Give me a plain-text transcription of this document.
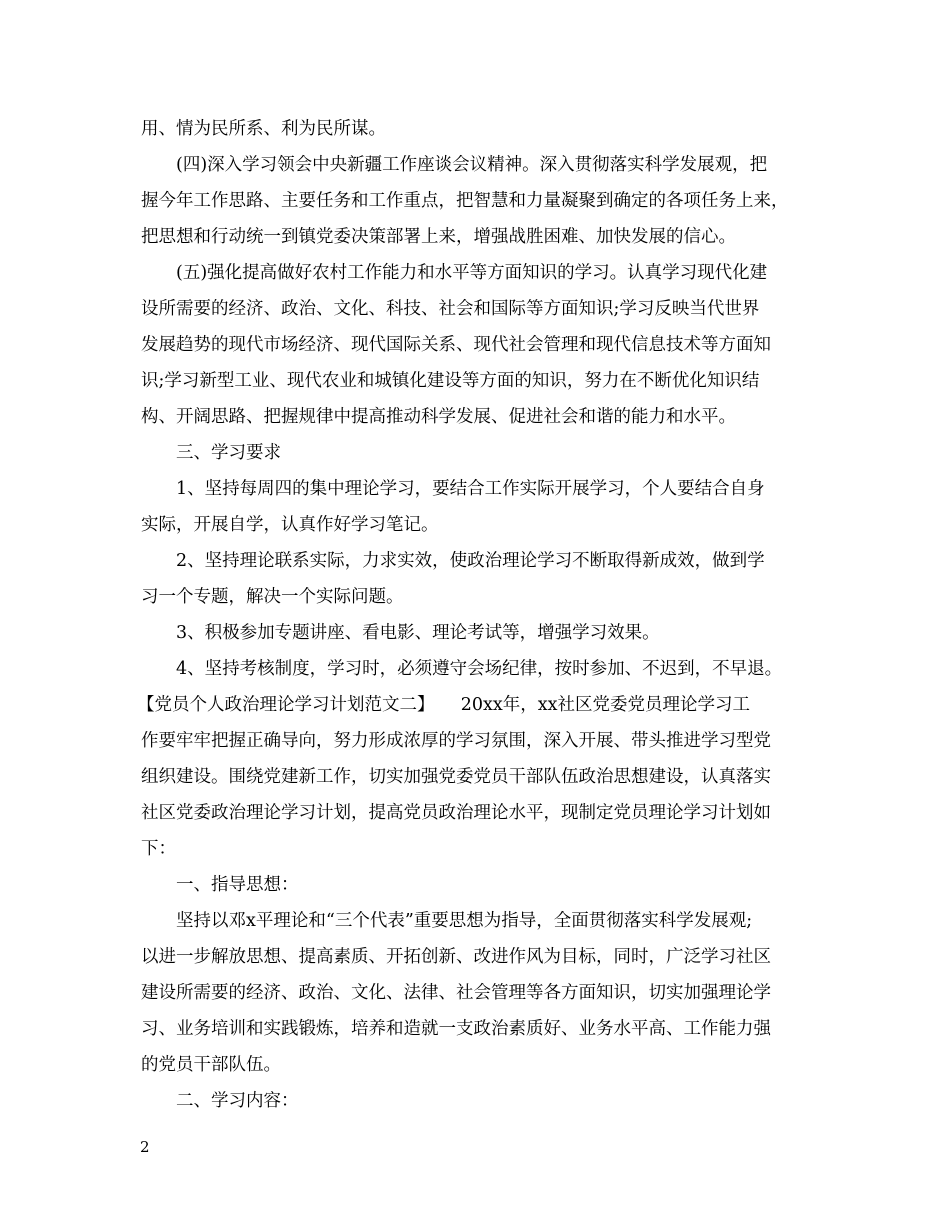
用、情为民所系、利为民所谋。
(四)深入学习领会中央新疆工作座谈会议精神。深入贯彻落实科学发展观，把
握今年工作思路、主要任务和工作重点，把智慧和力量凝聚到确定的各项任务上来，
把思想和行动统一到镇党委决策部署上来，增强战胜困难、加快发展的信心。
(五)强化提高做好农村工作能力和水平等方面知识的学习。认真学习现代化建
设所需要的经济、政治、文化、科技、社会和国际等方面知识;学习反映当代世界
发展趋势的现代市场经济、现代国际关系、现代社会管理和现代信息技术等方面知
识;学习新型工业、现代农业和城镇化建设等方面的知识，努力在不断优化知识结
构、开阔思路、把握规律中提高推动科学发展、促进社会和谐的能力和水平。
三、学习要求
1、坚持每周四的集中理论学习，要结合工作实际开展学习，个人要结合自身
实际，开展自学，认真作好学习笔记。
2、坚持理论联系实际，力求实效，使政治理论学习不断取得新成效，做到学
习一个专题，解决一个实际问题。
3、积极参加专题讲座、看电影、理论考试等，增强学习效果。
4、坚持考核制度，学习时，必须遵守会场纪律，按时参加、不迟到，不早退。
【党员个人政治理论学习计划范文二】　　20xx年，xx社区党委党员理论学习工
作要牢牢把握正确导向，努力形成浓厚的学习氛围，深入开展、带头推进学习型党
组织建设。围绕党建新工作，切实加强党委党员干部队伍政治思想建设，认真落实
社区党委政治理论学习计划，提高党员政治理论水平，现制定党员理论学习计划如
下：
一、指导思想：
坚持以邓x平理论和“三个代表”重要思想为指导，全面贯彻落实科学发展观;
以进一步解放思想、提高素质、开拓创新、改进作风为目标，同时，广泛学习社区
建设所需要的经济、政治、文化、法律、社会管理等各方面知识，切实加强理论学
习、业务培训和实践锻炼，培养和造就一支政治素质好、业务水平高、工作能力强
的党员干部队伍。
二、学习内容：
2
